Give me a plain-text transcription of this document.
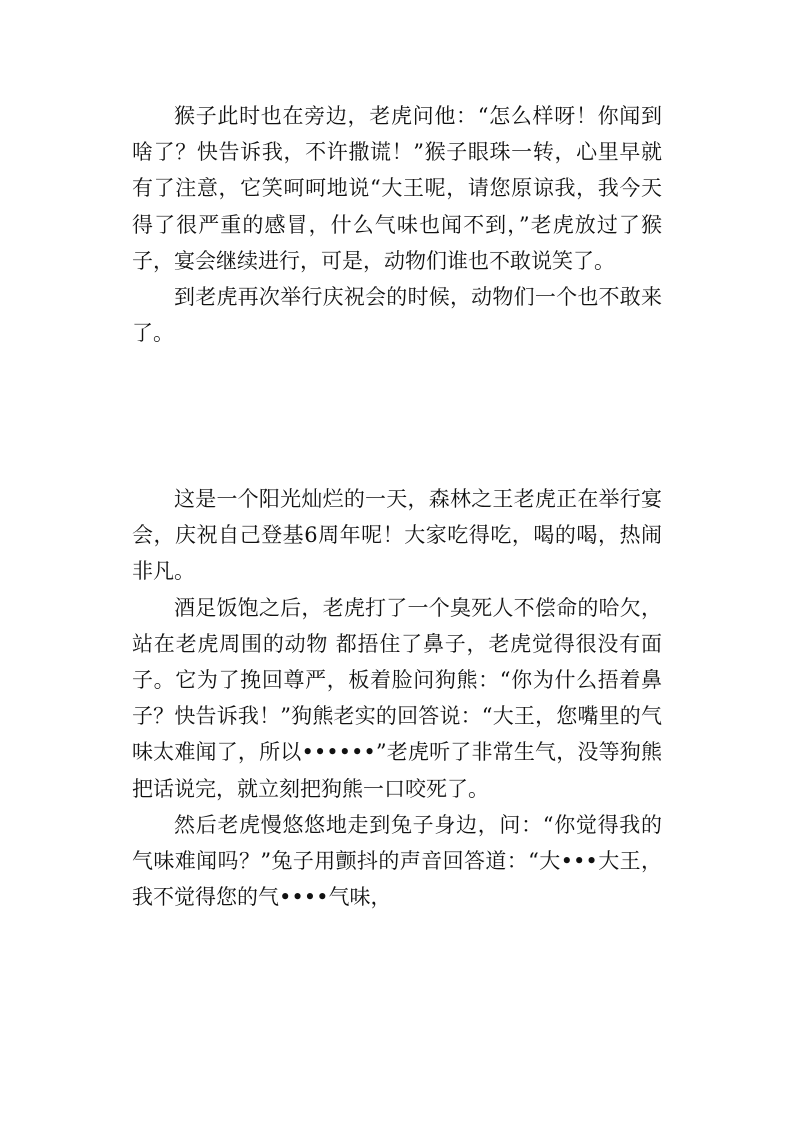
猴子此时也在旁边，老虎问他：“怎么样呀！你闻到啥了？快告诉我，不许撒谎！”猴子眼珠一转，心里早就有了注意，它笑呵呵地说“大王呢，请您原谅我，我今天得了很严重的感冒，什么气味也闻不到，”老虎放过了猴子，宴会继续进行，可是，动物们谁也不敢说笑了。

到老虎再次举行庆祝会的时候，动物们一个也不敢来了。

这是一个阳光灿烂的一天，森林之王老虎正在举行宴会，庆祝自己登基6周年呢！大家吃得吃，喝的喝，热闹非凡。

酒足饭饱之后，老虎打了一个臭死人不偿命的哈欠，站在老虎周围的动物 都捂住了鼻子，老虎觉得很没有面子。它为了挽回尊严，板着脸问狗熊：“你为什么捂着鼻子？快告诉我！”狗熊老实的回答说：“大王，您嘴里的气味太难闻了，所以••••••”老虎听了非常生气，没等狗熊把话说完，就立刻把狗熊一口咬死了。

然后老虎慢悠悠地走到兔子身边，问：“你觉得我的气味难闻吗？”兔子用颤抖的声音回答道：“大•••大王，我不觉得您的气••••气味，
